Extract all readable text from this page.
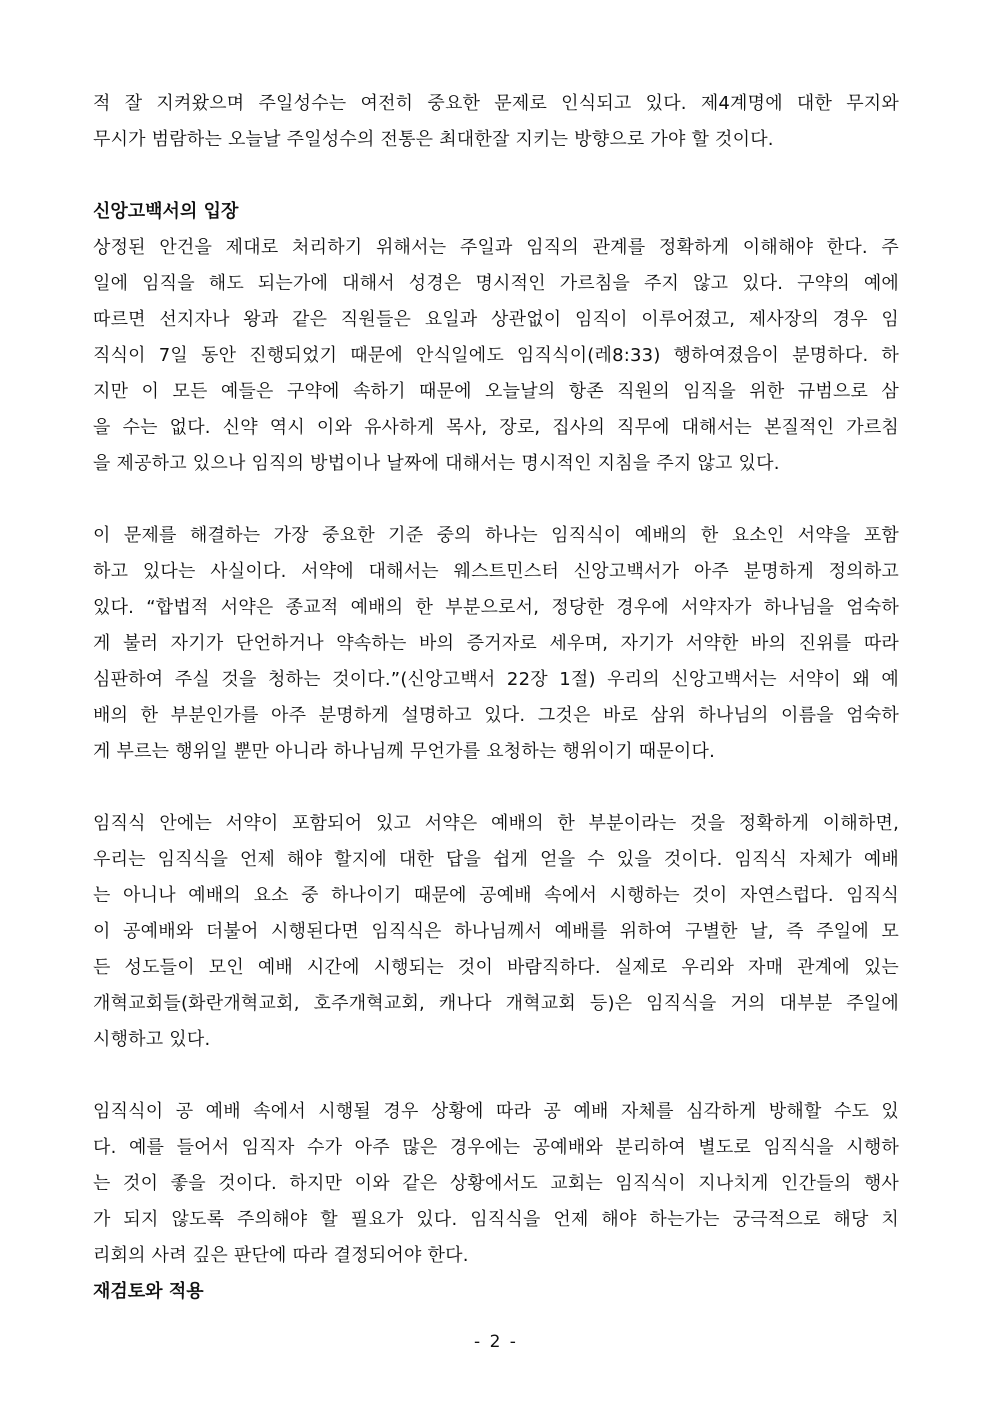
적 잘 지켜왔으며 주일성수는 여전히 중요한 문제로 인식되고 있다. 제4계명에 대한 무지와

무시가 범람하는 오늘날 주일성수의 전통은 최대한잘 지키는 방향으로 가야 할 것이다.

신앙고백서의 입장

상정된 안건을 제대로 처리하기 위해서는 주일과 임직의 관계를 정확하게 이해해야 한다. 주

일에 임직을 해도 되는가에 대해서 성경은 명시적인 가르침을 주지 않고 있다. 구약의 예에

따르면 선지자나 왕과 같은 직원들은 요일과 상관없이 임직이 이루어졌고, 제사장의 경우 임

직식이 7일 동안 진행되었기 때문에 안식일에도 임직식이(레8:33) 행하여졌음이 분명하다. 하

지만 이 모든 예들은 구약에 속하기 때문에 오늘날의 항존 직원의 임직을 위한 규범으로 삼

을 수는 없다. 신약 역시 이와 유사하게 목사, 장로, 집사의 직무에 대해서는 본질적인 가르침

을 제공하고 있으나 임직의 방법이나 날짜에 대해서는 명시적인 지침을 주지 않고 있다.

이 문제를 해결하는 가장 중요한 기준 중의 하나는 임직식이 예배의 한 요소인 서약을 포함

하고 있다는 사실이다. 서약에 대해서는 웨스트민스터 신앙고백서가 아주 분명하게 정의하고

있다. “합법적 서약은 종교적 예배의 한 부분으로서, 정당한 경우에 서약자가 하나님을 엄숙하

게 불러 자기가 단언하거나 약속하는 바의 증거자로 세우며, 자기가 서약한 바의 진위를 따라

심판하여 주실 것을 청하는 것이다.”(신앙고백서 22장 1절) 우리의 신앙고백서는 서약이 왜 예

배의 한 부분인가를 아주 분명하게 설명하고 있다. 그것은 바로 삼위 하나님의 이름을 엄숙하

게 부르는 행위일 뿐만 아니라 하나님께 무언가를 요청하는 행위이기 때문이다.

임직식 안에는 서약이 포함되어 있고 서약은 예배의 한 부분이라는 것을 정확하게 이해하면,

우리는 임직식을 언제 해야 할지에 대한 답을 쉽게 얻을 수 있을 것이다. 임직식 자체가 예배

는 아니나 예배의 요소 중 하나이기 때문에 공예배 속에서 시행하는 것이 자연스럽다. 임직식

이 공예배와 더불어 시행된다면 임직식은 하나님께서 예배를 위하여 구별한 날, 즉 주일에 모

든 성도들이 모인 예배 시간에 시행되는 것이 바람직하다. 실제로 우리와 자매 관계에 있는

개혁교회들(화란개혁교회, 호주개혁교회, 캐나다 개혁교회 등)은 임직식을 거의 대부분 주일에

시행하고 있다.

임직식이 공 예배 속에서 시행될 경우 상황에 따라 공 예배 자체를 심각하게 방해할 수도 있

다. 예를 들어서 임직자 수가 아주 많은 경우에는 공예배와 분리하여 별도로 임직식을 시행하

는 것이 좋을 것이다. 하지만 이와 같은 상황에서도 교회는 임직식이 지나치게 인간들의 행사

가 되지 않도록 주의해야 할 필요가 있다. 임직식을 언제 해야 하는가는 궁극적으로 해당 치

리회의 사려 깊은 판단에 따라 결정되어야 한다.

재검토와 적용
- 2 -
